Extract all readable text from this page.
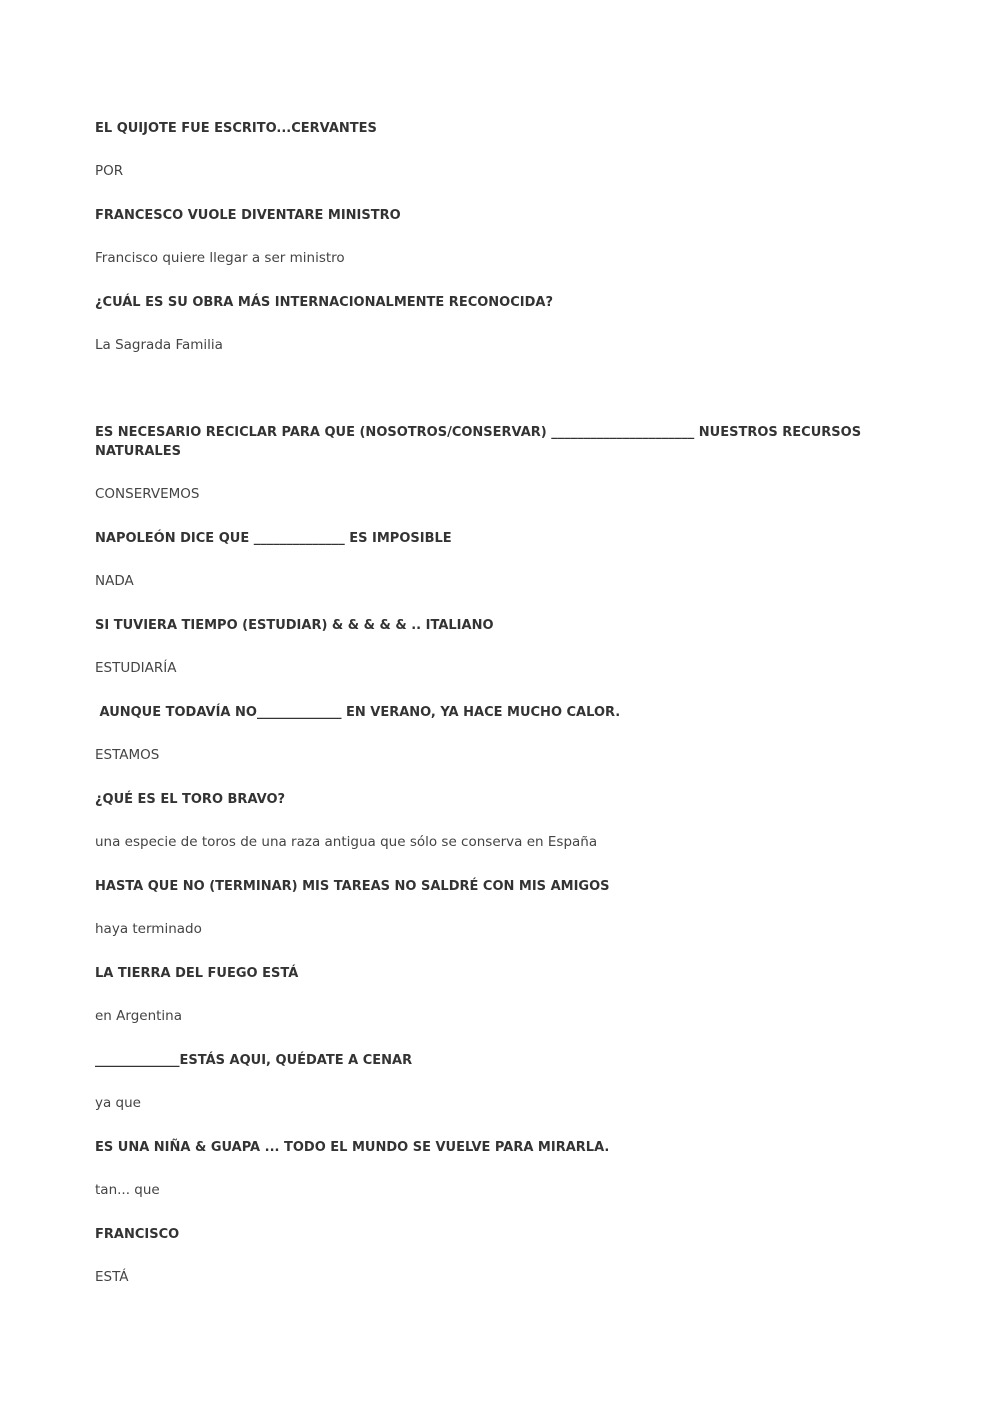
EL QUIJOTE FUE ESCRITO...CERVANTES

POR

FRANCESCO VUOLE DIVENTARE MINISTRO

Francisco quiere llegar a ser ministro

¿CUÁL ES SU OBRA MÁS INTERNACIONALMENTE RECONOCIDA?

La Sagrada Familia

ES NECESARIO RECICLAR PARA QUE (NOSOTROS/CONSERVAR) ______________________ NUESTROS RECURSOS NATURALES

CONSERVEMOS

NAPOLEÓN DICE QUE ______________ ES IMPOSIBLE

NADA

SI TUVIERA TIEMPO (ESTUDIAR) & & & & & .. ITALIANO

ESTUDIARÍA

AUNQUE TODAVÍA NO_____________ EN VERANO, YA HACE MUCHO CALOR.

ESTAMOS

¿QUÉ ES EL TORO BRAVO?

una especie de toros de una raza antigua que sólo se conserva en España

HASTA QUE NO (TERMINAR) MIS TAREAS NO SALDRÉ CON MIS AMIGOS

haya terminado

LA TIERRA DEL FUEGO ESTÁ

en Argentina

_____________ESTÁS AQUI, QUÉDATE A CENAR

ya que

ES UNA NIÑA & GUAPA ... TODO EL MUNDO SE VUELVE PARA MIRARLA.

tan... que

FRANCISCO

ESTÁ
